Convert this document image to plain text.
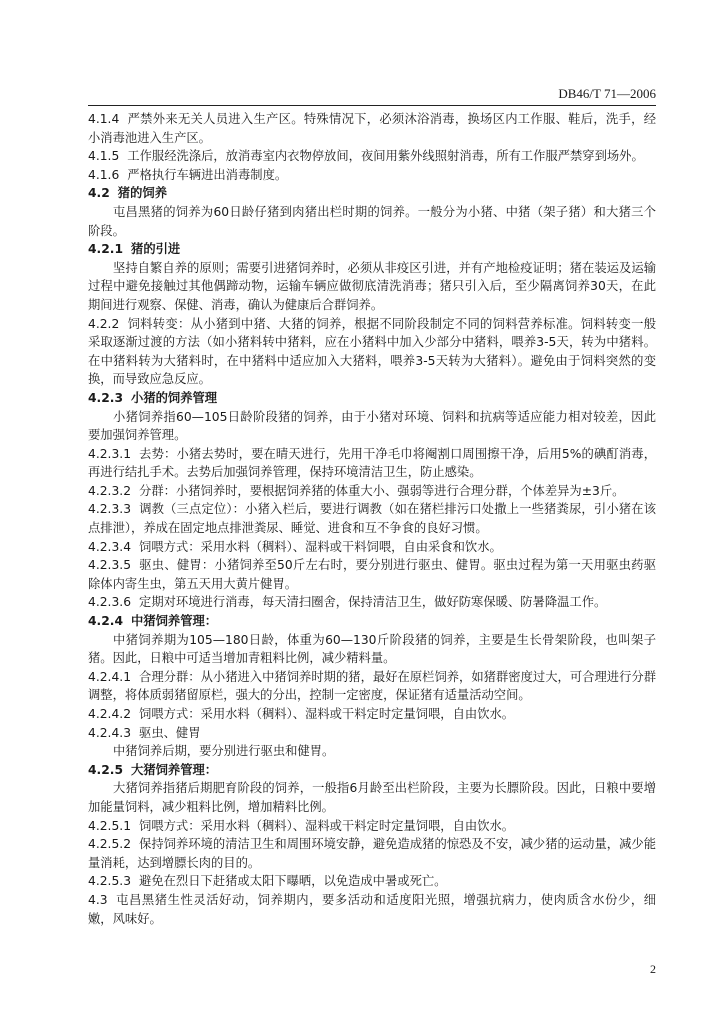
DB46/T 71—2006

4.1.4 严禁外来无关人员进入生产区。特殊情况下，必须沐浴消毒，换场区内工作服、鞋后，洗手，经小消毒池进入生产区。

4.1.5 工作服经洗涤后，放消毒室内衣物停放间，夜间用紫外线照射消毒，所有工作服严禁穿到场外。

4.1.6 严格执行车辆进出消毒制度。

4.2 猪的饲养

屯昌黑猪的饲养为60日龄仔猪到肉猪出栏时期的饲养。一般分为小猪、中猪（架子猪）和大猪三个阶段。

4.2.1 猪的引进

坚持自繁自养的原则；需要引进猪饲养时，必须从非疫区引进，并有产地检疫证明；猪在装运及运输过程中避免接触过其他偶蹄动物，运输车辆应做彻底清洗消毒；猪只引入后，至少隔离饲养30天，在此期间进行观察、保健、消毒，确认为健康后合群饲养。

4.2.2 饲料转变：从小猪到中猪、大猪的饲养，根据不同阶段制定不同的饲料营养标准。饲料转变一般采取逐渐过渡的方法（如小猪料转中猪料，应在小猪料中加入少部分中猪料，喂养3-5天，转为中猪料。在中猪料转为大猪料时，在中猪料中适应加入大猪料，喂养3-5天转为大猪料）。避免由于饲料突然的变换，而导致应急反应。

4.2.3 小猪的饲养管理

小猪饲养指60—105日龄阶段猪的饲养，由于小猪对环境、饲料和抗病等适应能力相对较差，因此要加强饲养管理。

4.2.3.1 去势：小猪去势时，要在晴天进行，先用干净毛巾将阉割口周围擦干净，后用5%的碘酊消毒，再进行结扎手术。去势后加强饲养管理，保持环境清洁卫生，防止感染。

4.2.3.2 分群：小猪饲养时，要根据饲养猪的体重大小、强弱等进行合理分群，个体差异为±3斤。

4.2.3.3 调教（三点定位）：小猪入栏后，要进行调教（如在猪栏排污口处撒上一些猪粪尿，引小猪在该点排泄），养成在固定地点排泄粪尿、睡觉、进食和互不争食的良好习惯。

4.2.3.4 饲喂方式：采用水料（稠料）、湿料或干料饲喂，自由采食和饮水。

4.2.3.5 驱虫、健胃：小猪饲养至50斤左右时，要分别进行驱虫、健胃。驱虫过程为第一天用驱虫药驱除体内寄生虫，第五天用大黄片健胃。

4.2.3.6 定期对环境进行消毒，每天清扫圈舍，保持清洁卫生，做好防寒保暖、防暑降温工作。

4.2.4 中猪饲养管理：

中猪饲养期为105—180日龄，体重为60—130斤阶段猪的饲养，主要是生长骨架阶段，也叫架子猪。因此，日粮中可适当增加青粗料比例，减少精料量。

4.2.4.1 合理分群：从小猪进入中猪饲养时期的猪，最好在原栏饲养，如猪群密度过大，可合理进行分群调整，将体质弱猪留原栏，强大的分出，控制一定密度，保证猪有适量活动空间。

4.2.4.2 饲喂方式：采用水料（稠料）、湿料或干料定时定量饲喂，自由饮水。

4.2.4.3 驱虫、健胃

中猪饲养后期，要分别进行驱虫和健胃。

4.2.5 大猪饲养管理：

大猪饲养指猪后期肥育阶段的饲养，一般指6月龄至出栏阶段，主要为长膘阶段。因此，日粮中要增加能量饲料，减少粗料比例，增加精料比例。

4.2.5.1 饲喂方式：采用水料（稠料）、湿料或干料定时定量饲喂，自由饮水。

4.2.5.2 保持饲养环境的清洁卫生和周围环境安静，避免造成猪的惊恐及不安，减少猪的运动量，减少能量消耗，达到增膘长肉的目的。

4.2.5.3 避免在烈日下赶猪或太阳下曝晒，以免造成中暑或死亡。

4.3 屯昌黑猪生性灵活好动，饲养期内，要多活动和适度阳光照，增强抗病力，使肉质含水份少，细嫩，风味好。

2
